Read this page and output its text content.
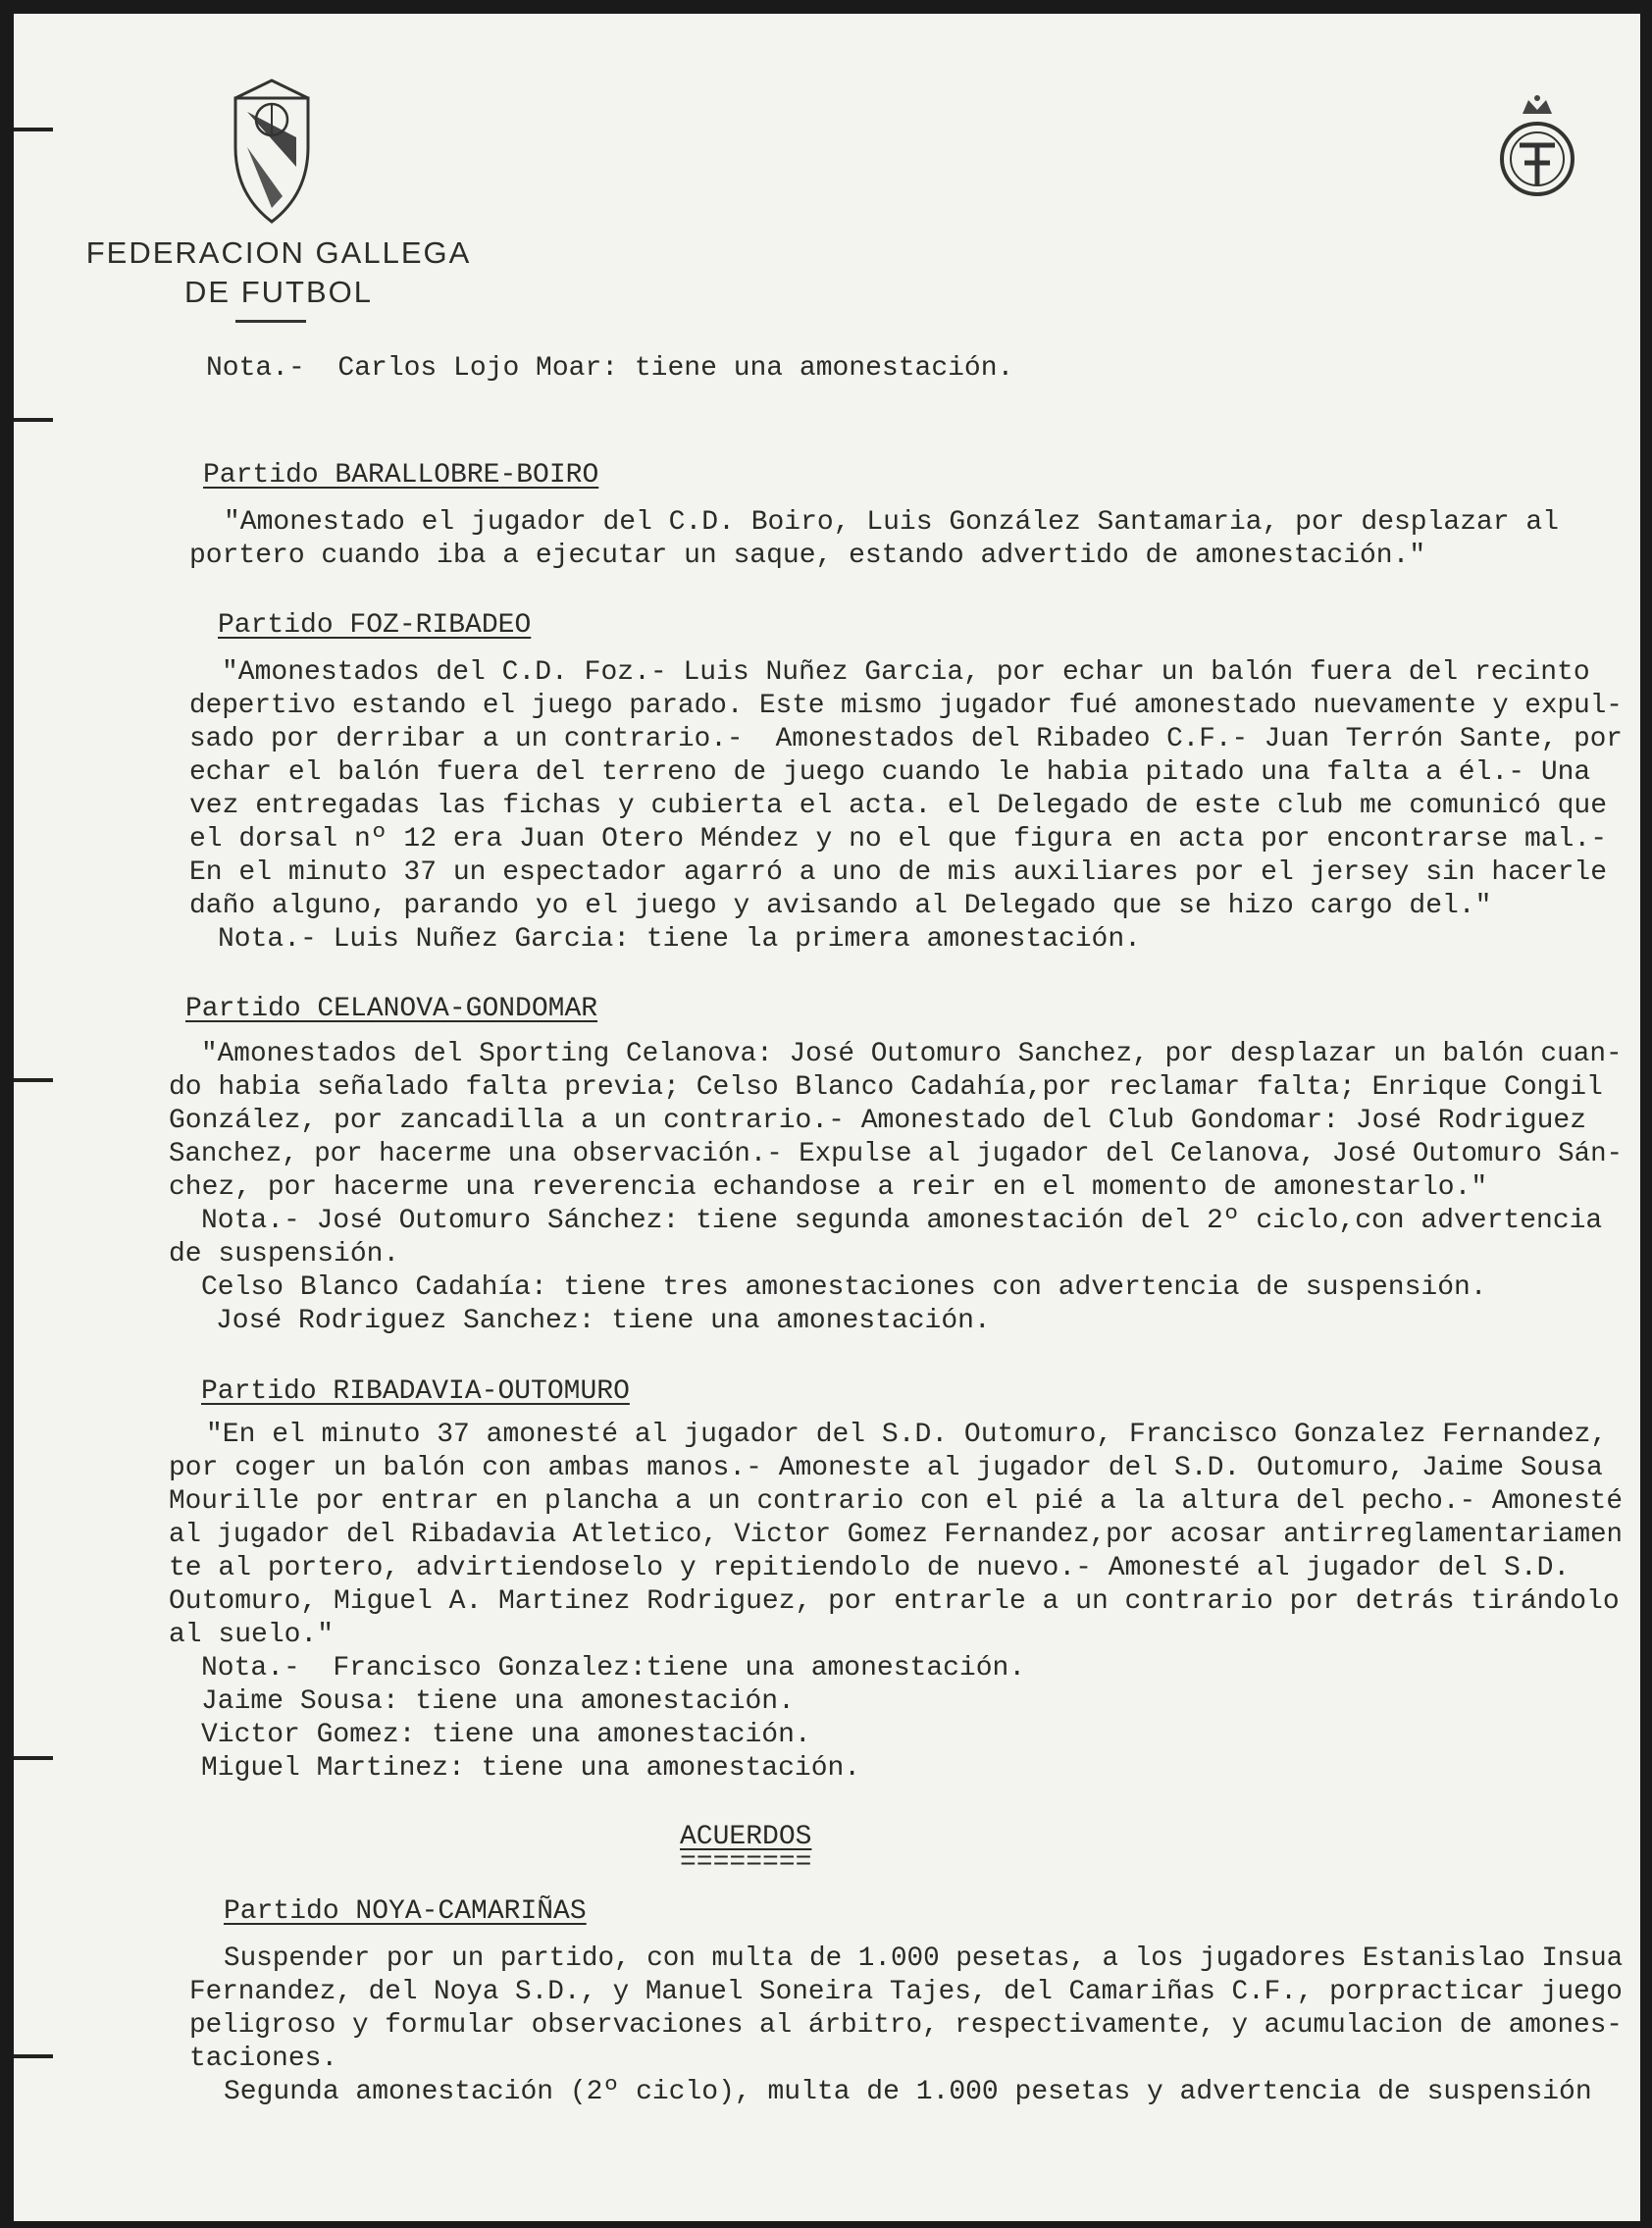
FEDERACION GALLEGA
DE FUTBOL
Nota.-  Carlos Lojo Moar: tiene una amonestación.
Partido BARALLOBRE-BOIRO
"Amonestado el jugador del C.D. Boiro, Luis González Santamaria, por desplazar al
portero cuando iba a ejecutar un saque, estando advertido de amonestación."
Partido FOZ-RIBADEO
"Amonestados del C.D. Foz.- Luis Nuñez Garcia, por echar un balón fuera del recinto
depertivo estando el juego parado. Este mismo jugador fué amonestado nuevamente y expul-
sado por derribar a un contrario.-  Amonestados del Ribadeo C.F.- Juan Terrón Sante, por
echar el balón fuera del terreno de juego cuando le habia pitado una falta a él.- Una
vez entregadas las fichas y cubierta el acta. el Delegado de este club me comunicó que
el dorsal nº 12 era Juan Otero Méndez y no el que figura en acta por encontrarse mal.-
En el minuto 37 un espectador agarró a uno de mis auxiliares por el jersey sin hacerle
daño alguno, parando yo el juego y avisando al Delegado que se hizo cargo del."
Nota.- Luis Nuñez Garcia: tiene la primera amonestación.
Partido CELANOVA-GONDOMAR
"Amonestados del Sporting Celanova: José Outomuro Sanchez, por desplazar un balón cuan-
do habia señalado falta previa; Celso Blanco Cadahía,por reclamar falta; Enrique Congil
González, por zancadilla a un contrario.- Amonestado del Club Gondomar: José Rodriguez
Sanchez, por hacerme una observación.- Expulse al jugador del Celanova, José Outomuro Sán-
chez, por hacerme una reverencia echandose a reir en el momento de amonestarlo."
Nota.- José Outomuro Sánchez: tiene segunda amonestación del 2º ciclo,con advertencia
de suspensión.
Celso Blanco Cadahía: tiene tres amonestaciones con advertencia de suspensión.
José Rodriguez Sanchez: tiene una amonestación.
Partido RIBADAVIA-OUTOMURO
"En el minuto 37 amonesté al jugador del S.D. Outomuro, Francisco Gonzalez Fernandez,
por coger un balón con ambas manos.- Amoneste al jugador del S.D. Outomuro, Jaime Sousa
Mourille por entrar en plancha a un contrario con el pié a la altura del pecho.- Amonesté
al jugador del Ribadavia Atletico, Victor Gomez Fernandez,por acosar antirreglamentariamen
te al portero, advirtiendoselo y repitiendolo de nuevo.- Amonesté al jugador del S.D.
Outomuro, Miguel A. Martinez Rodriguez, por entrarle a un contrario por detrás tirándolo
al suelo."
Nota.-  Francisco Gonzalez:tiene una amonestación.
Jaime Sousa: tiene una amonestación.
Victor Gomez: tiene una amonestación.
Miguel Martinez: tiene una amonestación.
ACUERDOS
========
Partido NOYA-CAMARIÑAS
Suspender por un partido, con multa de 1.000 pesetas, a los jugadores Estanislao Insua
Fernandez, del Noya S.D., y Manuel Soneira Tajes, del Camariñas C.F., porpracticar juego
peligroso y formular observaciones al árbitro, respectivamente, y acumulacion de amones-
taciones.
Segunda amonestación (2º ciclo), multa de 1.000 pesetas y advertencia de suspensión
